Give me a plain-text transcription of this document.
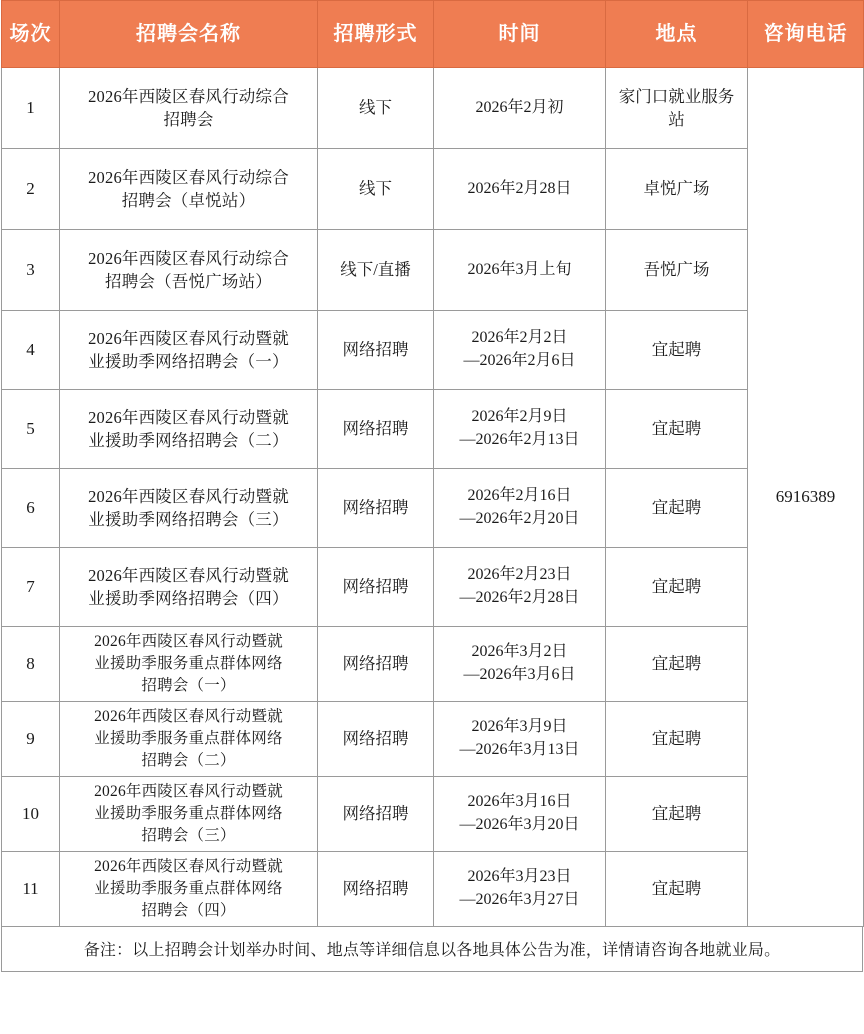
场次	招聘会名称	招聘形式	时间	地点	咨询电话
1	2026年西陵区春风行动综合
招聘会	线下	2026年2月初	家门口就业服务
站	6916389
2	2026年西陵区春风行动综合
招聘会（卓悦站）	线下	2026年2月28日	卓悦广场	

3	2026年西陵区春风行动综合
招聘会（吾悦广场站）	线下/直播	2026年3月上旬	吾悦广场	

4	2026年西陵区春风行动暨就
业援助季网络招聘会（一）	网络招聘	2026年2月2日
—2026年2月6日	宜起聘	

5	2026年西陵区春风行动暨就
业援助季网络招聘会（二）	网络招聘	2026年2月9日
—2026年2月13日	宜起聘	

6	2026年西陵区春风行动暨就
业援助季网络招聘会（三）	网络招聘	2026年2月16日
—2026年2月20日	宜起聘	

7	2026年西陵区春风行动暨就
业援助季网络招聘会（四）	网络招聘	2026年2月23日
—2026年2月28日	宜起聘	

8	2026年西陵区春风行动暨就
业援助季服务重点群体网络
招聘会（一）	网络招聘	2026年3月2日
—2026年3月6日	宜起聘	

9	2026年西陵区春风行动暨就
业援助季服务重点群体网络
招聘会（二）	网络招聘	2026年3月9日
—2026年3月13日	宜起聘	

10	2026年西陵区春风行动暨就
业援助季服务重点群体网络
招聘会（三）	网络招聘	2026年3月16日
—2026年3月20日	宜起聘	

11	2026年西陵区春风行动暨就
业援助季服务重点群体网络
招聘会（四）	网络招聘	2026年3月23日
—2026年3月27日	宜起聘	
备注：以上招聘会计划举办时间、地点等详细信息以各地具体公告为准，详情请咨询各地就业局。
